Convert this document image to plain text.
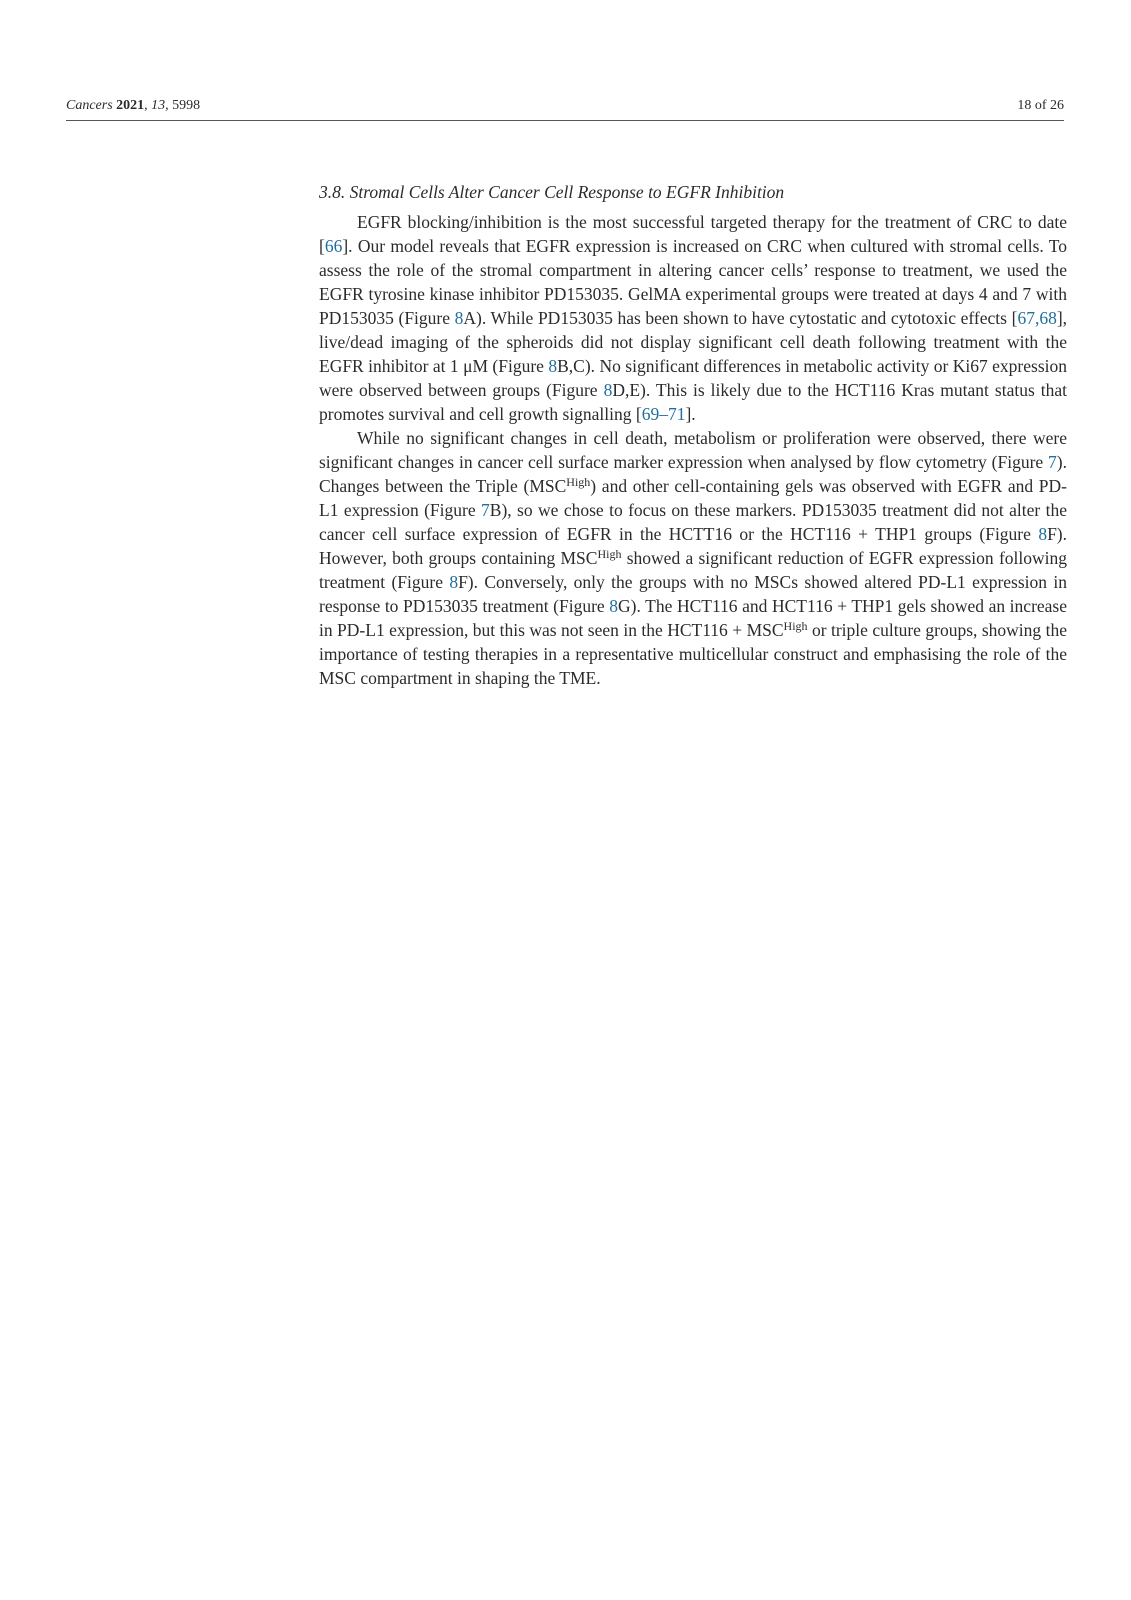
Cancers 2021, 13, 5998	18 of 26
3.8. Stromal Cells Alter Cancer Cell Response to EGFR Inhibition

EGFR blocking/inhibition is the most successful targeted therapy for the treatment of CRC to date [66]. Our model reveals that EGFR expression is increased on CRC when cultured with stromal cells. To assess the role of the stromal compartment in altering cancer cells’ response to treatment, we used the EGFR tyrosine kinase inhibitor PD153035. GelMA experimental groups were treated at days 4 and 7 with PD153035 (Figure 8A). While PD153035 has been shown to have cytostatic and cytotoxic effects [67,68], live/dead imaging of the spheroids did not display significant cell death following treatment with the EGFR inhibitor at 1 μM (Figure 8B,C). No significant differences in metabolic activity or Ki67 expression were observed between groups (Figure 8D,E). This is likely due to the HCT116 Kras mutant status that promotes survival and cell growth signalling [69–71].

While no significant changes in cell death, metabolism or proliferation were observed, there were significant changes in cancer cell surface marker expression when analysed by flow cytometry (Figure 7). Changes between the Triple $(MSC^{High})$ and other cell-containing gels was observed with EGFR and PD-L1 expression (Figure 7B), so we chose to focus on these markers. PD153035 treatment did not alter the cancer cell surface expression of EGFR in the HCTT16 or the HCT116 + THP1 groups (Figure 8F). However, both groups containing $MSC^{High}$ showed a significant reduction of EGFR expression following treatment (Figure 8F). Conversely, only the groups with no MSCs showed altered PD-L1 expression in response to PD153035 treatment (Figure 8G). The HCT116 and HCT116 + THP1 gels showed an increase in PD-L1 expression, but this was not seen in the $HCT116 + MSC^{High}$ or triple culture groups, showing the importance of testing therapies in a representative multicellular construct and emphasising the role of the MSC compartment in shaping the TME.
